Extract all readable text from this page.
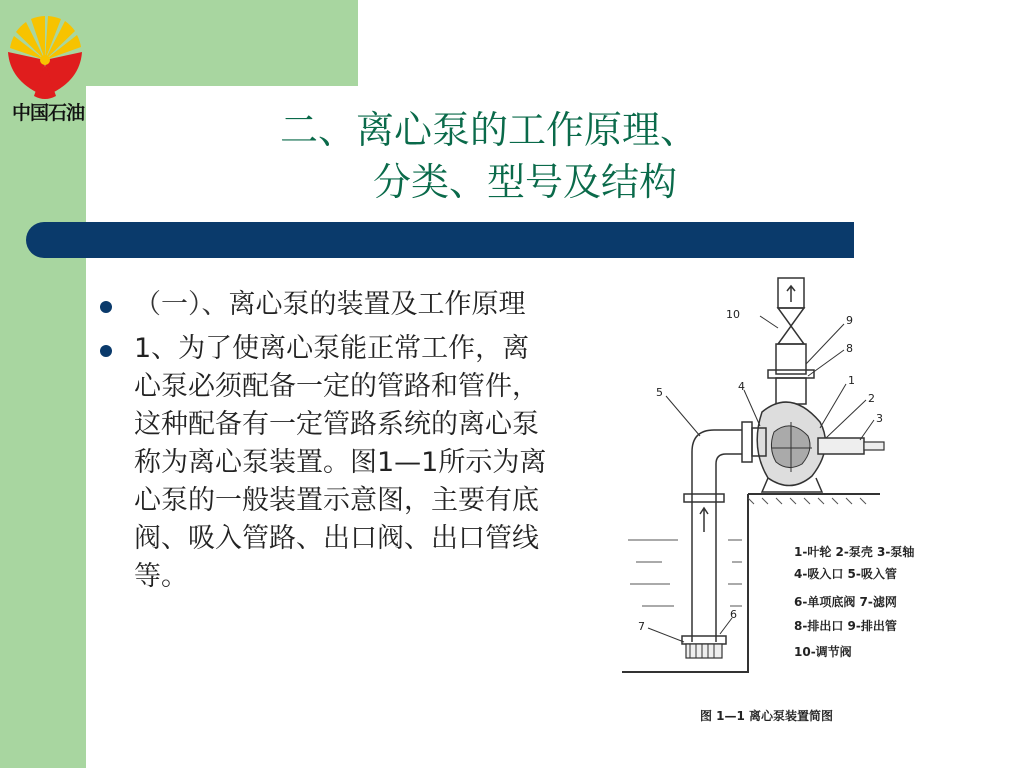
中国石油	二、离心泵的工作原理、
分类、型号及结构
（一）、离心泵的装置及工作原理
1、为了使离心泵能正常工作，离心泵必须配备一定的管路和管件，这种配备有一定管路系统的离心泵称为离心泵装置。图1—1所示为离心泵的一般装置示意图，主要有底阀、吸入管路、出口阀、出口管线等。
10	9
8
1
2
3
4
5
6
7
1-叶轮 2-泵壳 3-泵轴
4-吸入口 5-吸入管
6-单项底阀 7-滤网
8-排出口 9-排出管
10-调节阀
图 1—1 离心泵装置简图
